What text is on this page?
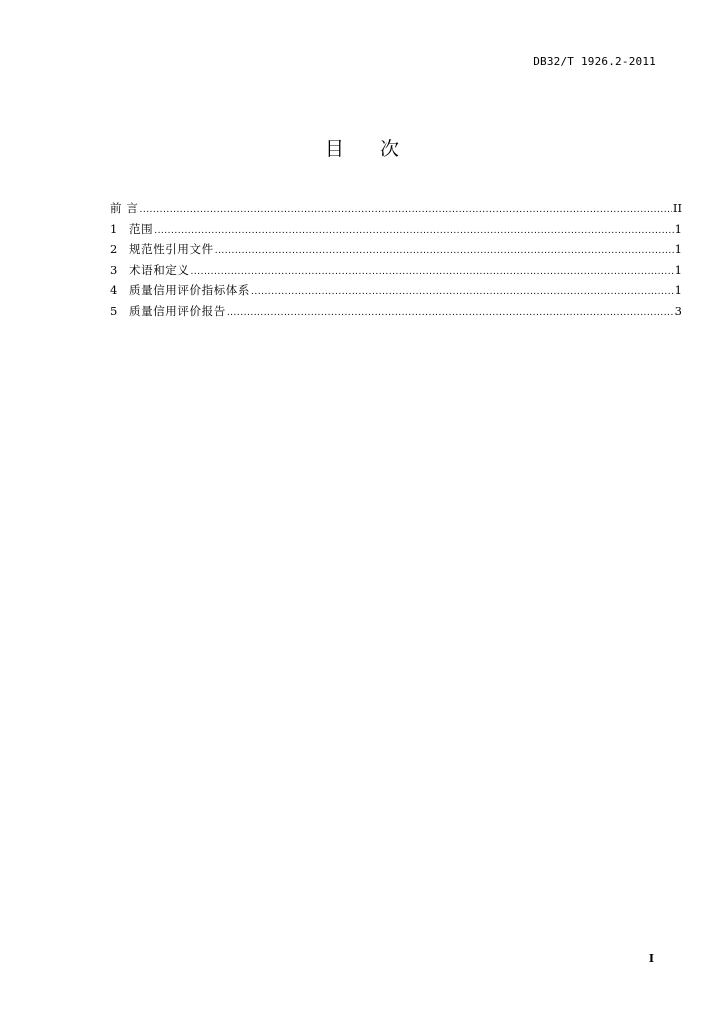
DB32/T 1926.2-2011
目 次
前 言 .....	II
1	范围 .....	1
2	规范性引用文件 .....	1
3	术语和定义 .....	1
4	质量信用评价指标体系 .....	1
5	质量信用评价报告 .....	3
I
